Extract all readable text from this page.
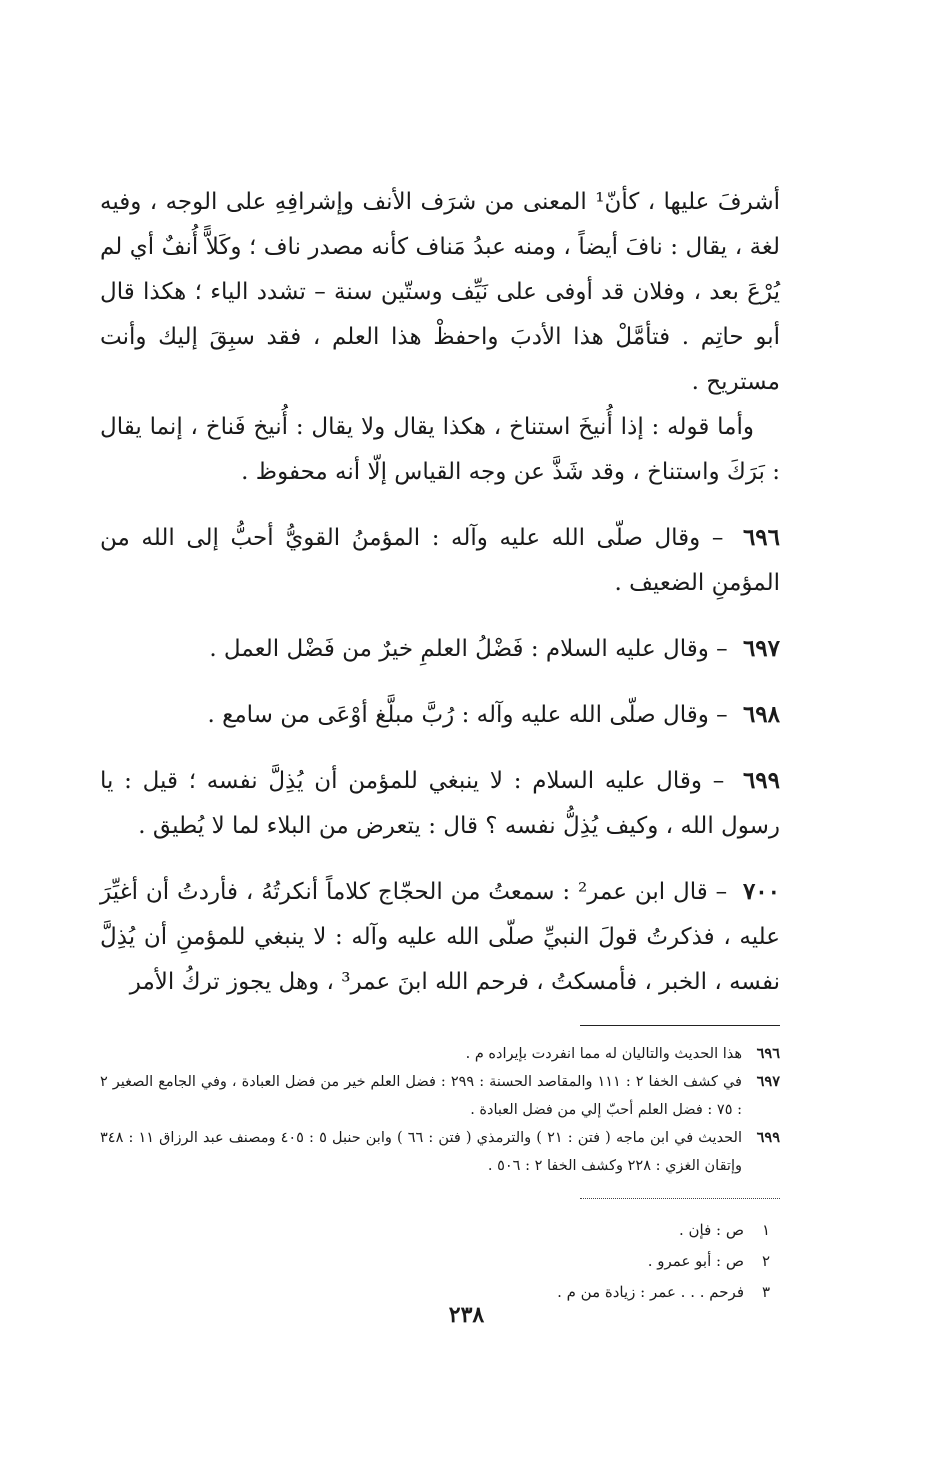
أشرفَ عليها ، كأنّ¹ المعنى من شرَف الأنف وإشرافِهِ على الوجه ، وفيه لغة ، يقال : نافَ أيضاً ، ومنه عبدُ مَناف كأنه مصدر ناف ؛ وكَلاًّ أُنفٌ أي لم يُرْعَ بعد ، وفلان قد أوفى على نَيِّف وستّين سنة – تشدد الياء ؛ هكذا قال أبو حاتِم . فتأمَّلْ هذا الأدبَ واحفظْ هذا العلم ، فقد سبِقَ إليك وأنت مستريح .

وأما قوله : إذا أُنيخَ استناخ ، هكذا يقال ولا يقال : أُنيخ فَناخ ، إنما يقال : بَرَكَ واستناخ ، وقد شَذَّ عن وجه القياس إلّا أنه محفوظ .

٦٩٦ – وقال صلّى الله عليه وآله : المؤمنُ القويُّ أحبُّ إلى الله من المؤمنِ الضعيف .

٦٩٧ – وقال عليه السلام : فَضْلُ العلمِ خيرٌ من فَضْل العمل .

٦٩٨ – وقال صلّى الله عليه وآله : رُبَّ مبلَّغ أوْعَى من سامع .

٦٩٩ – وقال عليه السلام : لا ينبغي للمؤمن أن يُذِلَّ نفسه ؛ قيل : يا رسول الله ، وكيف يُذِلُّ نفسه ؟ قال : يتعرض من البلاء لما لا يُطيق .

٧٠٠ – قال ابن عمر² : سمعتُ من الحجّاج كلاماً أنكرتُهُ ، فأردتُ أن أغيِّرَ عليه ، فذكرتُ قولَ النبيِّ صلّى الله عليه وآله : لا ينبغي للمؤمنِ أن يُذِلَّ نفسه ، الخبر ، فأمسكتُ ، فرحم الله ابنَ عمر³ ، وهل يجوز تركُ الأمر

٦٩٦
هذا الحديث والتاليان له مما انفردت بإيراده م .
٦٩٧
في كشف الخفا ٢ : ١١١ والمقاصد الحسنة : ٢٩٩ : فضل العلم خير من فضل العبادة ، وفي الجامع الصغير ٢ : ٧٥ : فضل العلم أحبّ إلي من فضل العبادة .
٦٩٩
الحديث في ابن ماجه ( فتن : ٢١ ) والترمذي ( فتن : ٦٦ ) وابن حنبل ٥ : ٤٠٥ ومصنف عبد الرزاق ١١ : ٣٤٨ وإتقان الغزي : ٢٢٨ وكشف الخفا ٢ : ٥٠٦ .
١
ص : فإن .
٢
ص : أبو عمرو .
٣
فرحم . . . عمر : زيادة من م .
٢٣٨
